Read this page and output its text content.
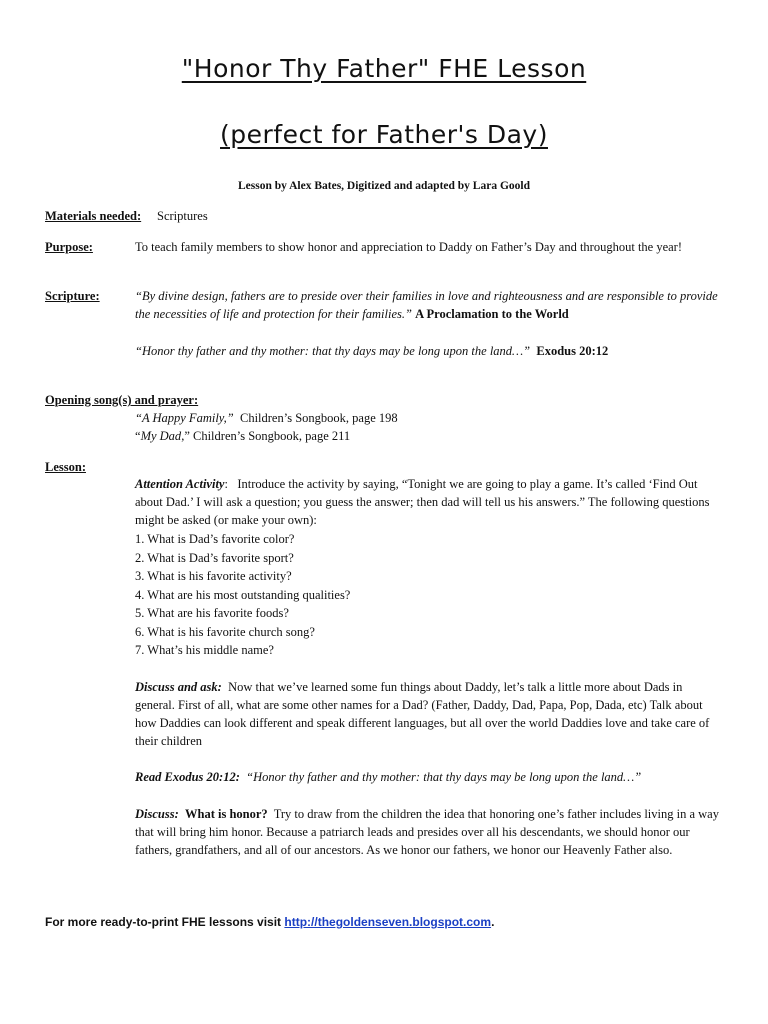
"Honor Thy Father" FHE Lesson
(perfect for Father's Day)
Lesson by Alex Bates, Digitized and adapted by Lara Goold
Materials needed: Scriptures
Purpose:	To teach family members to show honor and appreciation to Daddy on Father’s Day and throughout the year!
Scripture:	“By divine design, fathers are to preside over their families in love and righteousness and are responsible to provide the necessities of life and protection for their families.” A Proclamation to the World
“Honor thy father and thy mother: that thy days may be long upon the land…” Exodus 20:12
Opening song(s) and prayer:
“A Happy Family,” Children’s Songbook, page 198
“My Dad,” Children’s Songbook, page 211
Lesson:
Attention Activity:   Introduce the activity by saying, “Tonight we are going to play a game. It’s called ‘Find Out about Dad.’ I will ask a question; you guess the answer; then dad will tell us his answers.” The following questions might be asked (or make your own):
1. What is Dad’s favorite color?
2. What is Dad’s favorite sport?
3. What is his favorite activity?
4. What are his most outstanding qualities?
5. What are his favorite foods?
6. What is his favorite church song?
7. What’s his middle name?
Discuss and ask: Now that we’ve learned some fun things about Daddy, let’s talk a little more about Dads in general. First of all, what are some other names for a Dad? (Father, Daddy, Dad, Papa, Pop, Dada, etc) Talk about how Daddies can look different and speak different languages, but all over the world Daddies love and take care of their children
Read Exodus 20:12: “Honor thy father and thy mother: that thy days may be long upon the land…”
Discuss: What is honor? Try to draw from the children the idea that honoring one’s father includes living in a way that will bring him honor. Because a patriarch leads and presides over all his descendants, we should honor our fathers, grandfathers, and all of our ancestors. As we honor our fathers, we honor our Heavenly Father also.
For more ready-to-print FHE lessons visit http://thegoldenseven.blogspot.com.
